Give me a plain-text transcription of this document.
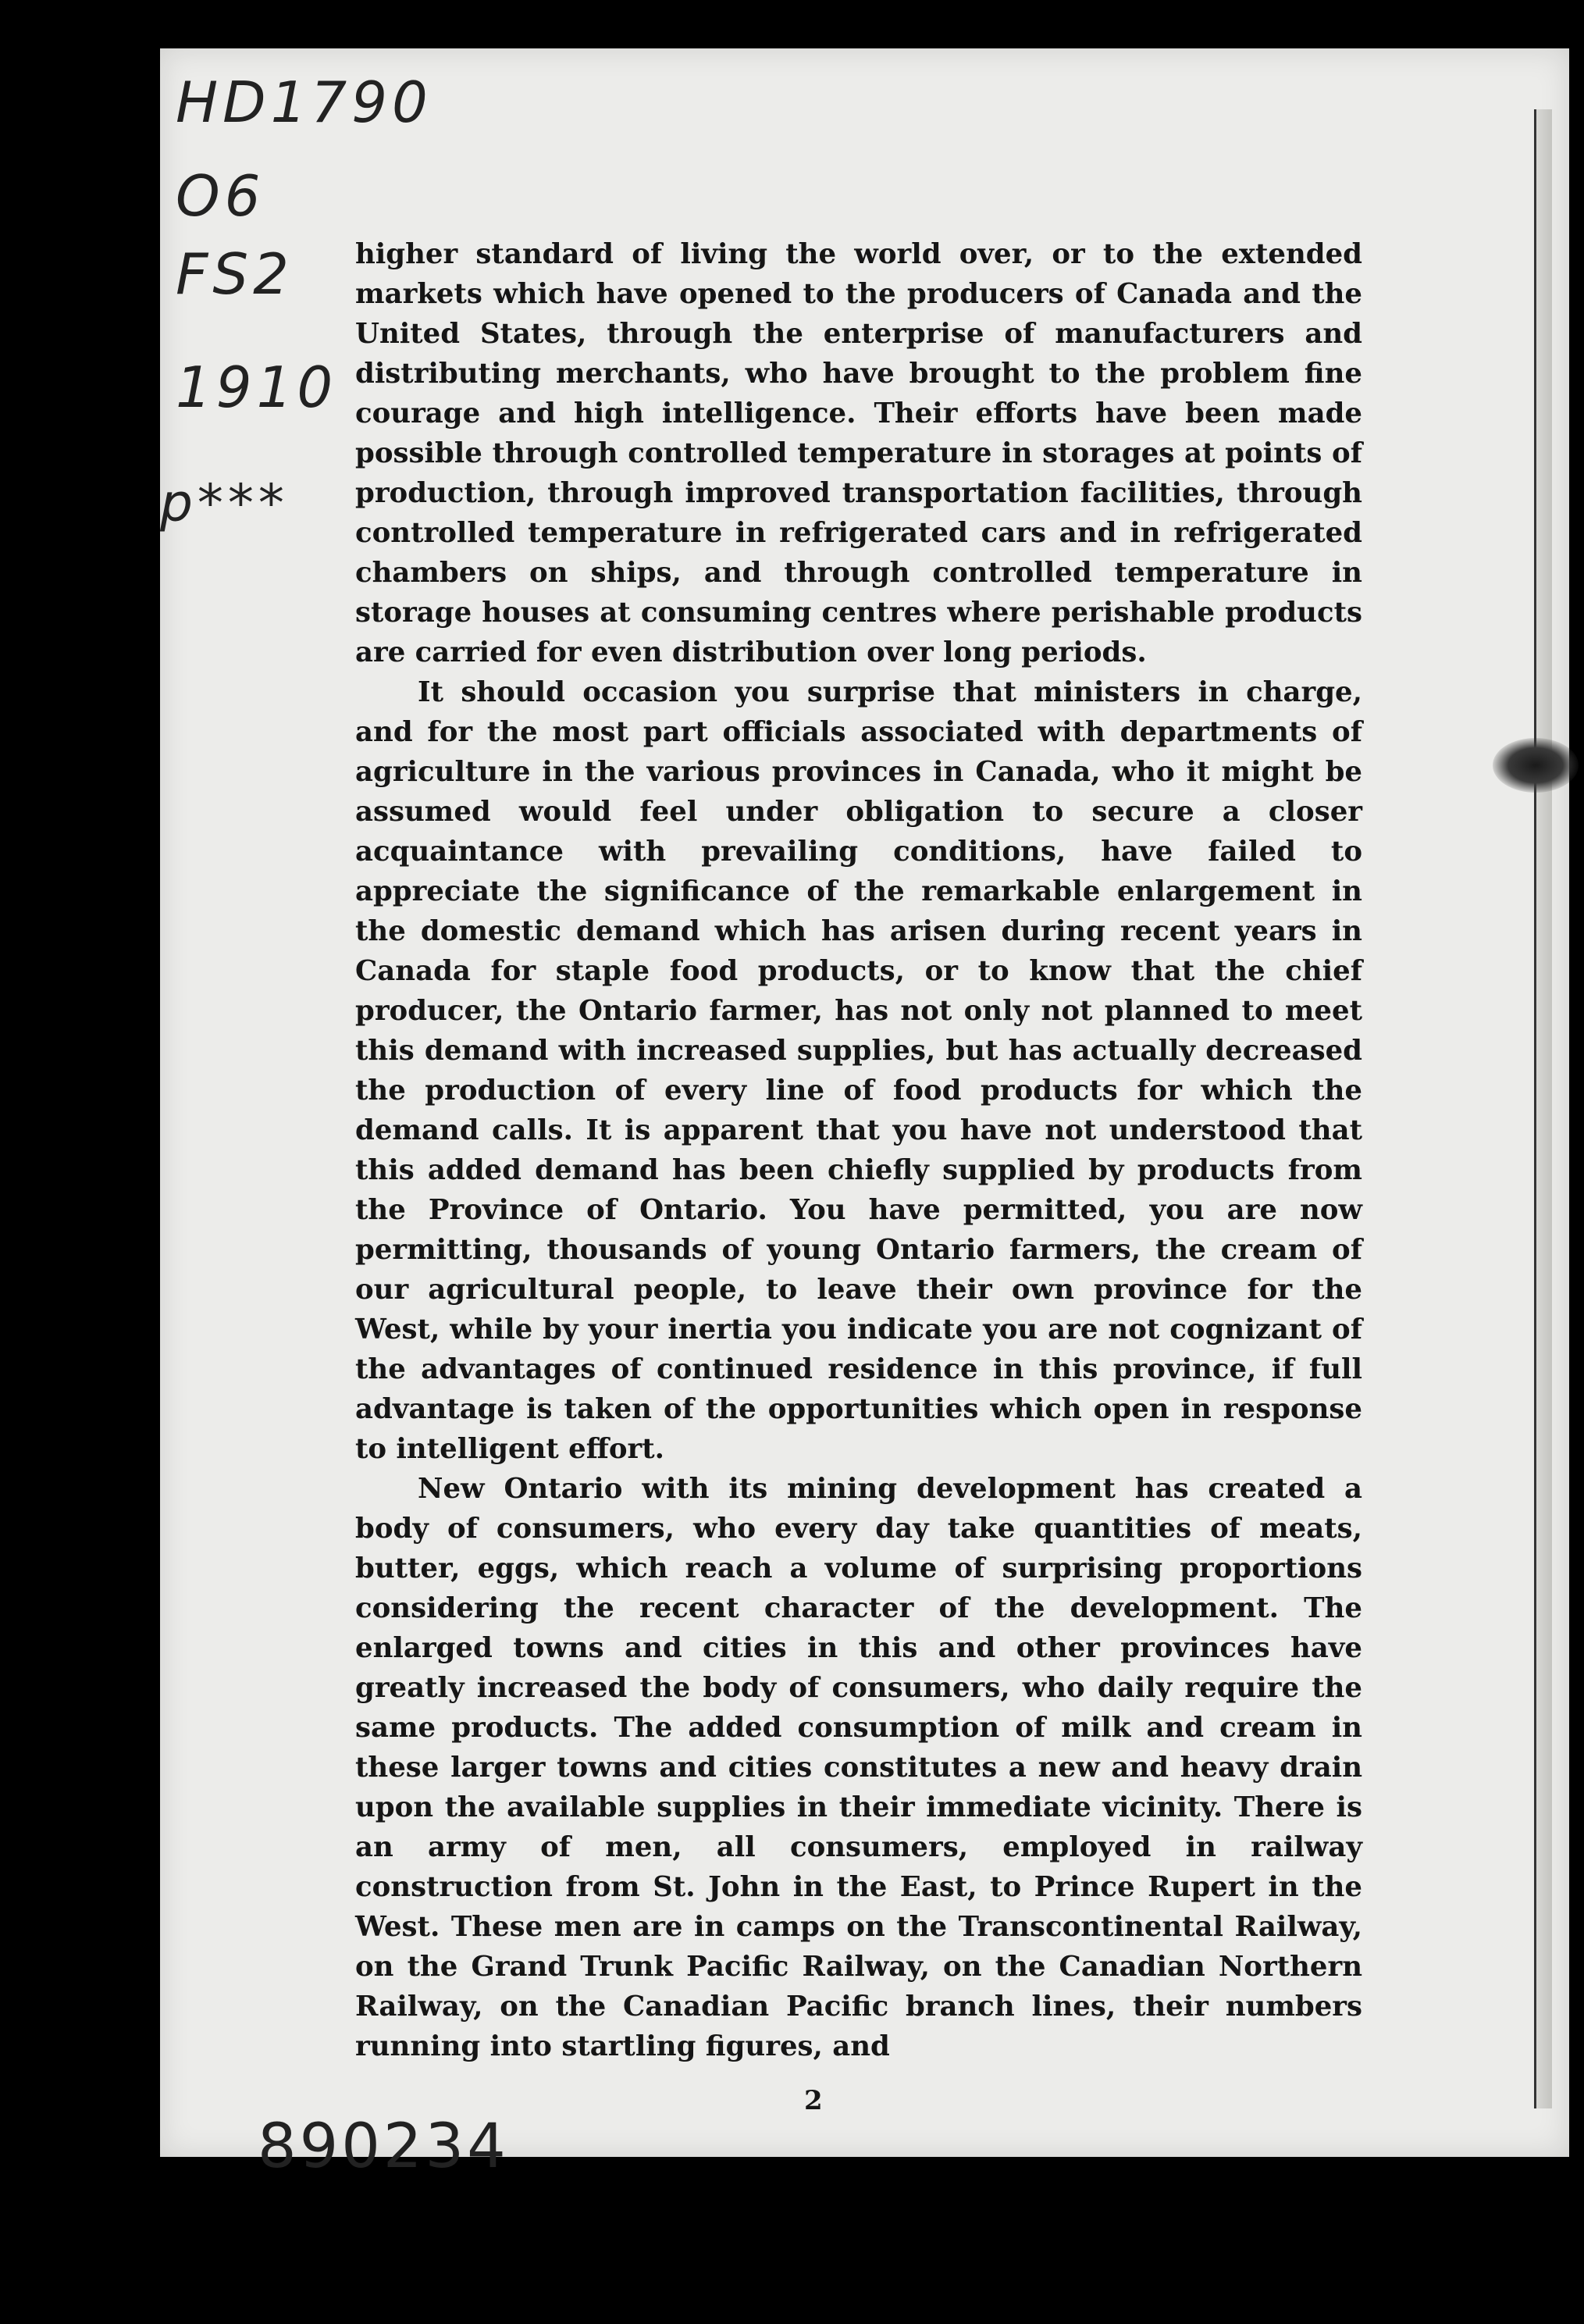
HD1790
O6
FS2
1910
p***

higher standard of living the world over, or to the extended markets which have opened to the producers of Canada and the United States, through the enterprise of manufacturers and distributing merchants, who have brought to the problem fine courage and high intelligence. Their efforts have been made possible through controlled temperature in storages at points of production, through improved transportation facilities, through controlled temperature in refrigerated cars and in refrigerated chambers on ships, and through controlled temperature in storage houses at consuming centres where perishable products are carried for even distribution over long periods.

It should occasion you surprise that ministers in charge, and for the most part officials associated with departments of agriculture in the various provinces in Canada, who it might be assumed would feel under obligation to secure a closer acquaintance with prevailing conditions, have failed to appreciate the significance of the remarkable enlargement in the domestic demand which has arisen during recent years in Canada for staple food products, or to know that the chief producer, the Ontario farmer, has not only not planned to meet this demand with increased supplies, but has actually decreased the production of every line of food products for which the demand calls. It is apparent that you have not understood that this added demand has been chiefly supplied by products from the Province of Ontario. You have permitted, you are now permitting, thousands of young Ontario farmers, the cream of our agricultural people, to leave their own province for the West, while by your inertia you indicate you are not cognizant of the advantages of continued residence in this province, if full advantage is taken of the opportunities which open in response to intelligent effort.

New Ontario with its mining development has created a body of consumers, who every day take quantities of meats, butter, eggs, which reach a volume of surprising proportions considering the recent character of the development. The enlarged towns and cities in this and other provinces have greatly increased the body of consumers, who daily require the same products. The added consumption of milk and cream in these larger towns and cities constitutes a new and heavy drain upon the available supplies in their immediate vicinity. There is an army of men, all consumers, employed in railway construction from St. John in the East, to Prince Rupert in the West. These men are in camps on the Transcontinental Railway, on the Grand Trunk Pacific Railway, on the Canadian Northern Railway, on the Canadian Pacific branch lines, their numbers running into startling figures, and

2
890234
